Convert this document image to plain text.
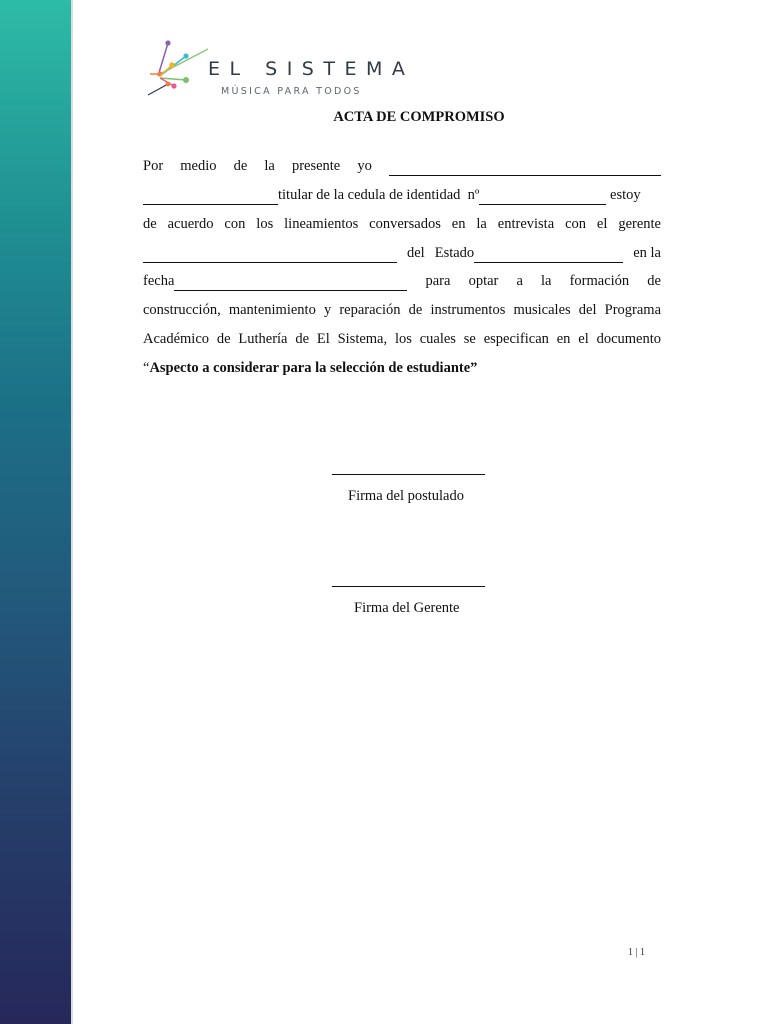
EL SISTEMA
MÚSICA PARA TODOS
ACTA DE COMPROMISO
Por medio de la presente yo
titular de la cedula de identidad  nº	estoy
de acuerdo con los lineamientos conversados en la entrevista con el gerente
del Estado	en la
fecha	para optar a la formación de
construcción, mantenimiento y reparación de instrumentos musicales del Programa
Académico de Luthería de El Sistema, los cuales se especifican en el documento
“ Aspecto a considerar para la selección de estudiante”
Firma del postulado
Firma del Gerente
1 | 1
